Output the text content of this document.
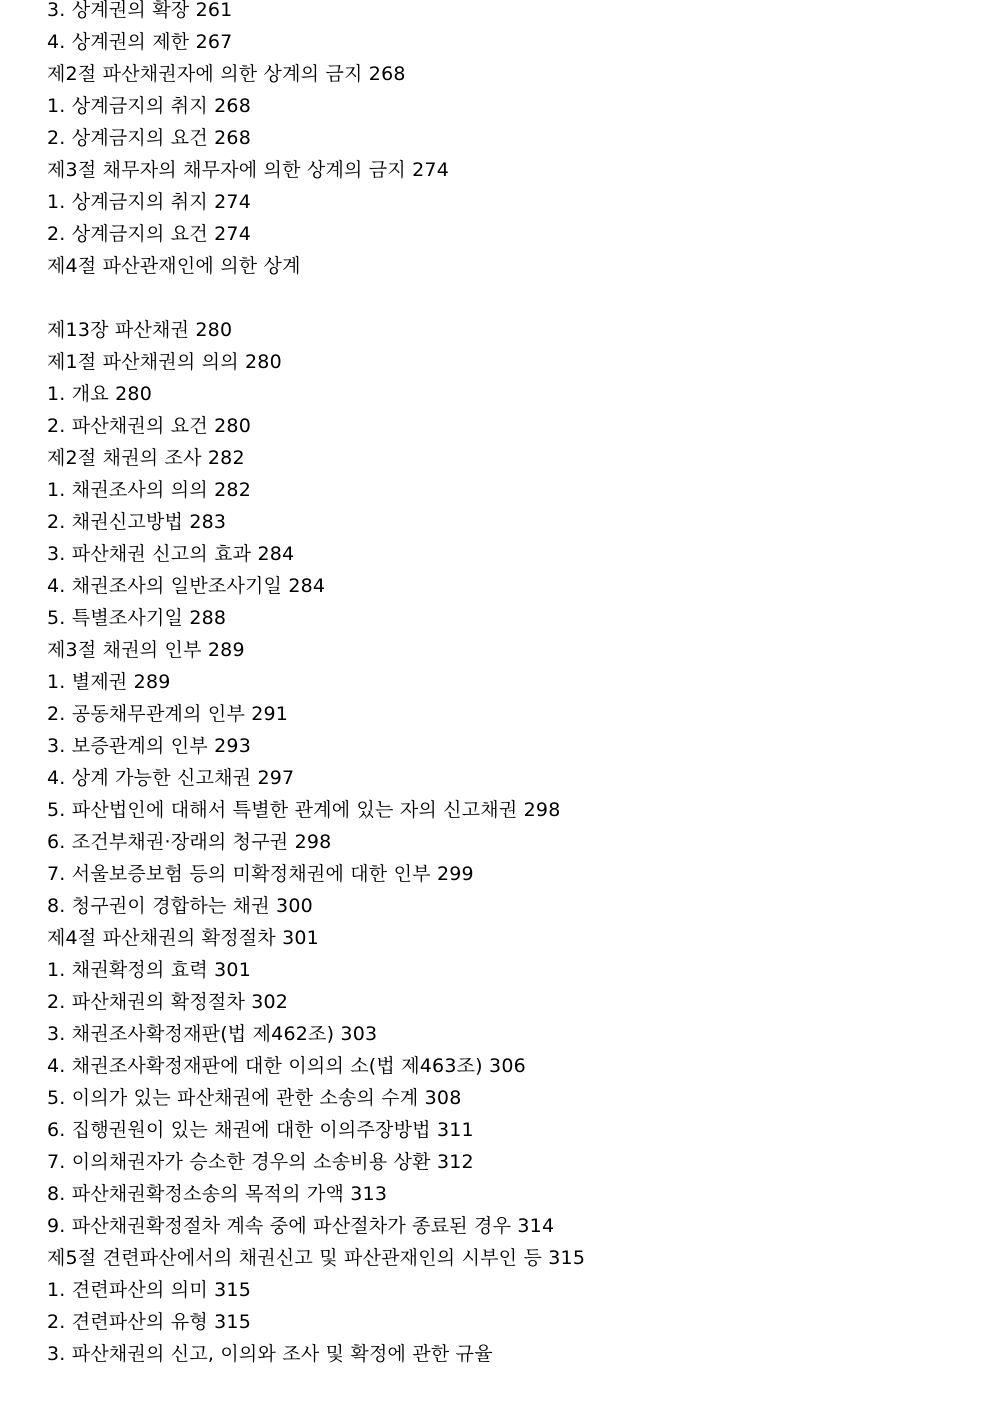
3. 상계권의 확장 261
4. 상계권의 제한 267
제2절 파산채권자에 의한 상계의 금지 268
1. 상계금지의 취지 268
2. 상계금지의 요건 268
제3절 채무자의 채무자에 의한 상계의 금지 274
1. 상계금지의 취지 274
2. 상계금지의 요건 274
제4절 파산관재인에 의한 상계
제13장 파산채권 280
제1절 파산채권의 의의 280
1. 개요 280
2. 파산채권의 요건 280
제2절 채권의 조사 282
1. 채권조사의 의의 282
2. 채권신고방법 283
3. 파산채권 신고의 효과 284
4. 채권조사의 일반조사기일 284
5. 특별조사기일 288
제3절 채권의 인부 289
1. 별제권 289
2. 공동채무관계의 인부 291
3. 보증관계의 인부 293
4. 상계 가능한 신고채권 297
5. 파산법인에 대해서 특별한 관계에 있는 자의 신고채권 298
6. 조건부채권·장래의 청구권 298
7. 서울보증보험 등의 미확정채권에 대한 인부 299
8. 청구권이 경합하는 채권 300
제4절 파산채권의 확정절차 301
1. 채권확정의 효력 301
2. 파산채권의 확정절차 302
3. 채권조사확정재판(법 제462조) 303
4. 채권조사확정재판에 대한 이의의 소(법 제463조) 306
5. 이의가 있는 파산채권에 관한 소송의 수계 308
6. 집행권원이 있는 채권에 대한 이의주장방법 311
7. 이의채권자가 승소한 경우의 소송비용 상환 312
8. 파산채권확정소송의 목적의 가액 313
9. 파산채권확정절차 계속 중에 파산절차가 종료된 경우 314
제5절 견련파산에서의 채권신고 및 파산관재인의 시부인 등 315
1. 견련파산의 의미 315
2. 견련파산의 유형 315
3. 파산채권의 신고, 이의와 조사 및 확정에 관한 규율
